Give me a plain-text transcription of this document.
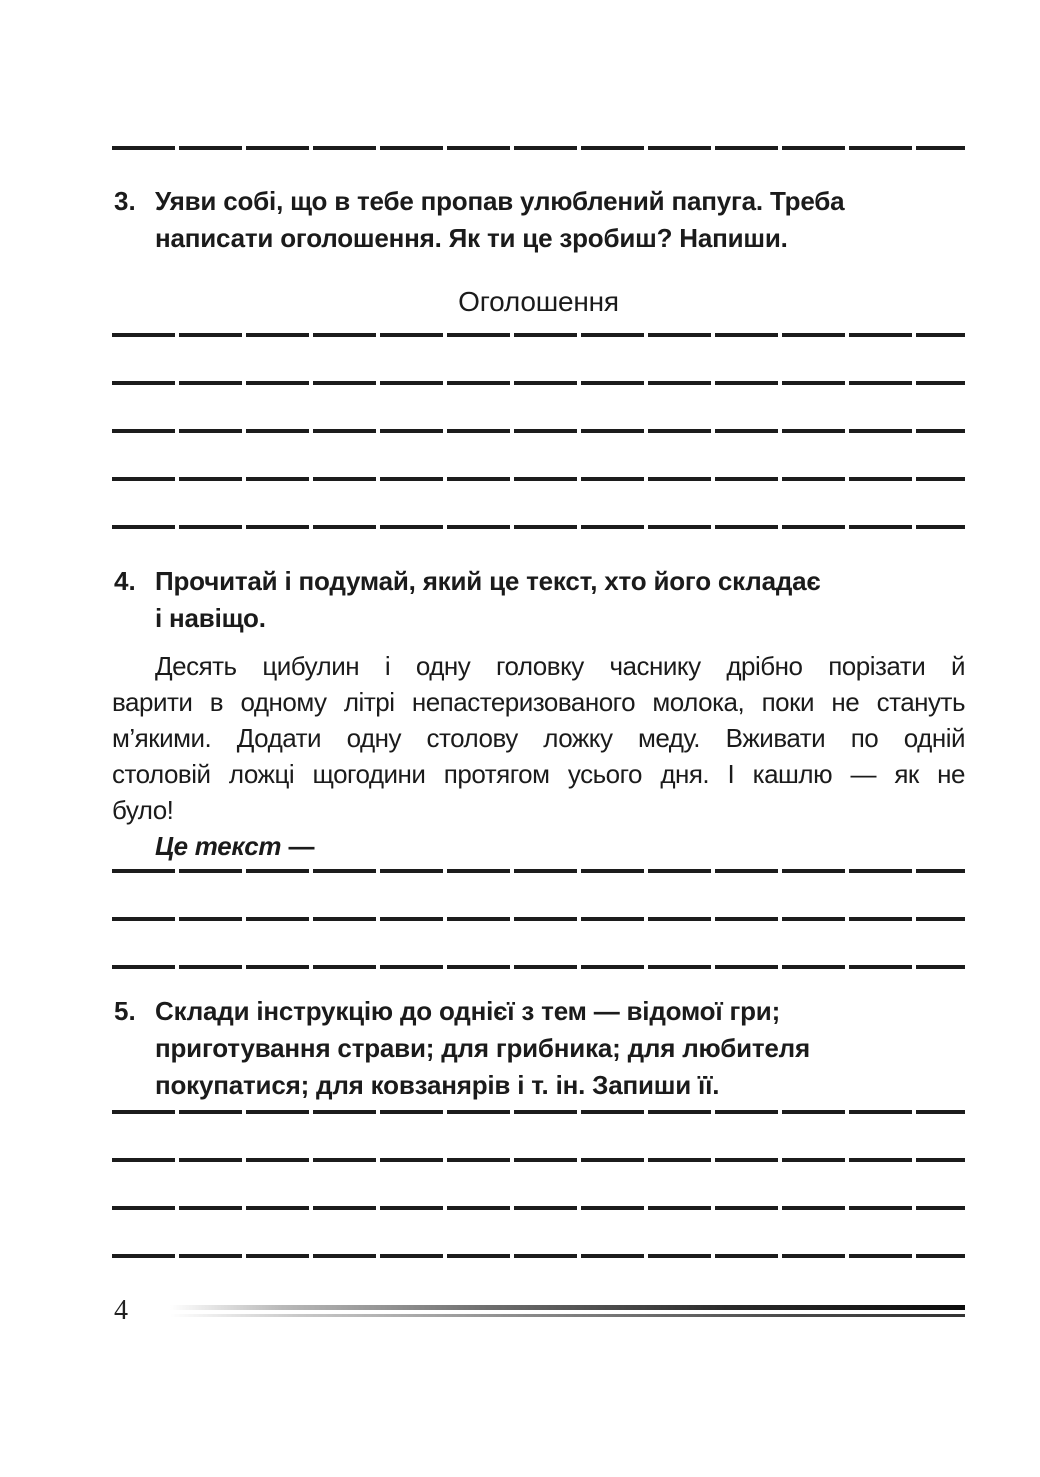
3. Уяви собі, що в тебе пропав улюблений папуга. Треба
написати оголошення. Як ти це зробиш? Напиши.
Оголошення
4. Прочитай і подумай, який це текст, хто його складає
і навіщо.
Десять цибулин і одну головку часнику дрібно порізати й
варити в одному літрі непастеризованого молока, поки не стануть
м’якими. Додати одну столову ложку меду. Вживати по одній
столовій ложці щогодини протягом усього дня. І кашлю — як не
було!
Це текст —
5. Склади інструкцію до однієї з тем — відомої гри;
приготування страви; для грибника; для любителя
покупатися; для ковзанярів і т. ін. Запиши її.
4
